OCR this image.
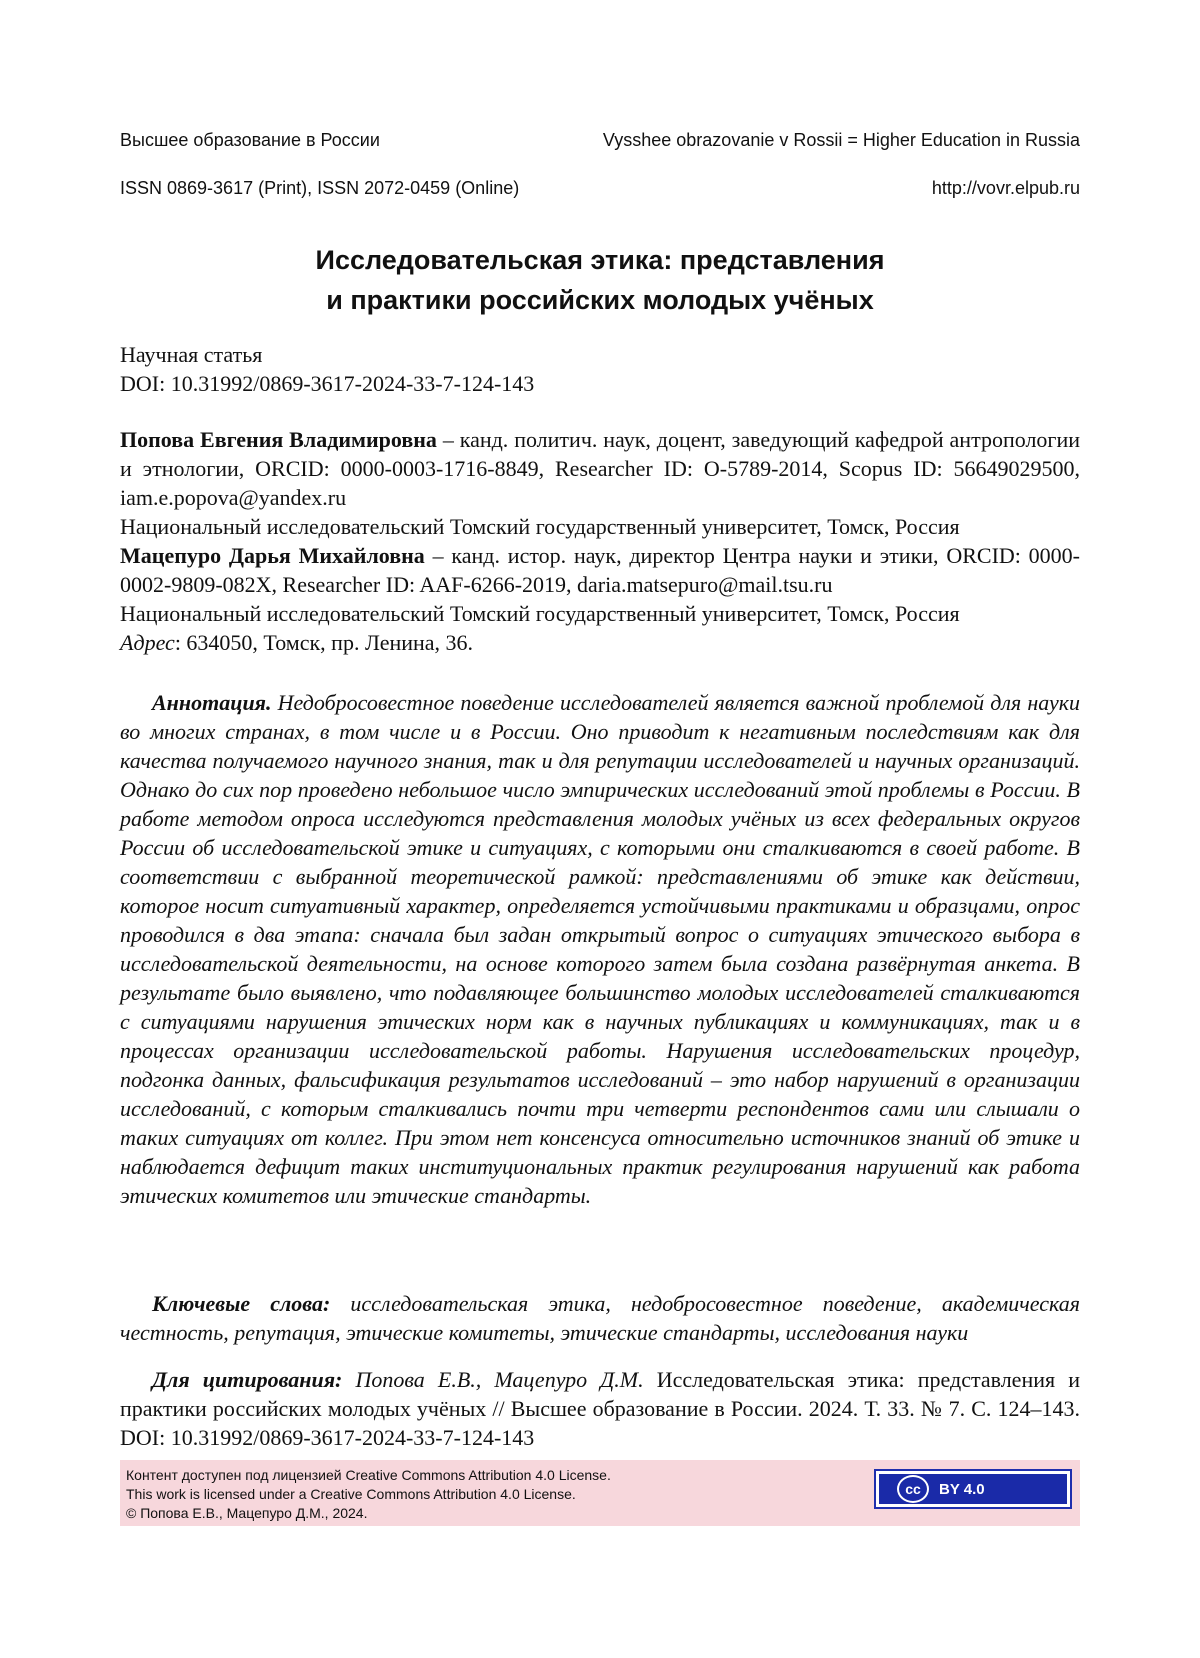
Высшее образование в России	Vysshee obrazovanie v Rossii = Higher Education in Russia
ISSN 0869-3617 (Print), ISSN 2072-0459 (Online)	http://vovr.elpub.ru
Исследовательская этика: представления
и практики российских молодых учёных
Научная статья
DOI: 10.31992/0869-3617-2024-33-7-124-143
Попова Евгения Владимировна – канд. политич. наук, доцент, заведующий кафедрой антропологии и этнологии, ORCID: 0000-0003-1716-8849, Researcher ID: O-5789-2014, Scopus ID: 56649029500, iam.e.popova@yandex.ru
Национальный исследовательский Томский государственный университет, Томск, Россия
Мацепуро Дарья Михайловна – канд. истор. наук, директор Центра науки и этики, ORCID: 0000-0002-9809-082X, Researcher ID: AAF-6266-2019, daria.matsepuro@mail.tsu.ru
Национальный исследовательский Томский государственный университет, Томск, Россия
Адрес: 634050, Томск, пр. Ленина, 36.
Аннотация. Недобросовестное поведение исследователей является важной проблемой для науки во многих странах, в том числе и в России. Оно приводит к негативным последствиям как для качества получаемого научного знания, так и для репутации исследователей и научных организаций. Однако до сих пор проведено небольшое число эмпирических исследований этой проблемы в России. В работе методом опроса исследуются представления молодых учёных из всех федеральных округов России об исследовательской этике и ситуациях, с которыми они сталкиваются в своей работе. В соответствии с выбранной теоретической рамкой: представлениями об этике как действии, которое носит ситуативный характер, определяется устойчивыми практиками и образцами, опрос проводился в два этапа: сначала был задан открытый вопрос о ситуациях этического выбора в исследовательской деятельности, на основе которого затем была создана развёрнутая анкета. В результате было выявлено, что подавляющее большинство молодых исследователей сталкиваются с ситуациями нарушения этических норм как в научных публикациях и коммуникациях, так и в процессах организации исследовательской работы. Нарушения исследовательских процедур, подгонка данных, фальсификация результатов исследований – это набор нарушений в организации исследований, с которым сталкивались почти три четверти респондентов сами или слышали о таких ситуациях от коллег. При этом нет консенсуса относительно источников знаний об этике и наблюдается дефицит таких институциональных практик регулирования нарушений как работа этических комитетов или этические стандарты.
Ключевые слова: исследовательская этика, недобросовестное поведение, академическая честность, репутация, этические комитеты, этические стандарты, исследования науки
Для цитирования: Попова Е.В., Мацепуро Д.М. Исследовательская этика: представления и практики российских молодых учёных // Высшее образование в России. 2024. Т. 33. № 7. С. 124–143. DOI: 10.31992/0869-3617-2024-33-7-124-143
Контент доступен под лицензией Creative Commons Attribution 4.0 License.
This work is licensed under a Creative Commons Attribution 4.0 License.
© Попова Е.В., Мацепуро Д.М., 2024.
cc	BY 4.0
